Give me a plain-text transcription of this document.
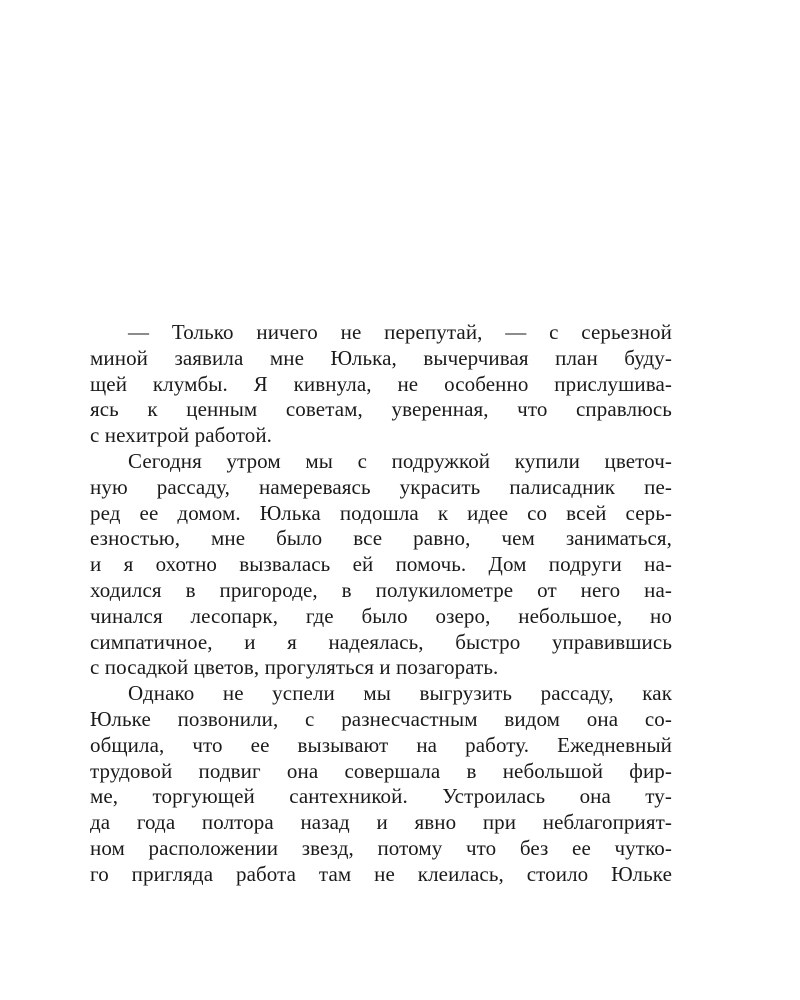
— Только ничего не перепутай, — с серьезной
миной заявила мне Юлька, вычерчивая план буду-
щей клумбы. Я кивнула, не особенно прислушива-
ясь к ценным советам, уверенная, что справлюсь
с нехитрой работой.
Сегодня утром мы с подружкой купили цветоч-
ную рассаду, намереваясь украсить палисадник пе-
ред ее домом. Юлька подошла к идее со всей серь-
езностью, мне было все равно, чем заниматься,
и я охотно вызвалась ей помочь. Дом подруги на-
ходился в пригороде, в полукилометре от него на-
чинался лесопарк, где было озеро, небольшое, но
симпатичное, и я надеялась, быстро управившись
с посадкой цветов, прогуляться и позагорать.
Однако не успели мы выгрузить рассаду, как
Юльке позвонили, с разнесчастным видом она со-
общила, что ее вызывают на работу. Ежедневный
трудовой подвиг она совершала в небольшой фир-
ме, торгующей сантехникой. Устроилась она ту-
да года полтора назад и явно при неблагоприят-
ном расположении звезд, потому что без ее чутко-
го пригляда работа там не клеилась, стоило Юльке
